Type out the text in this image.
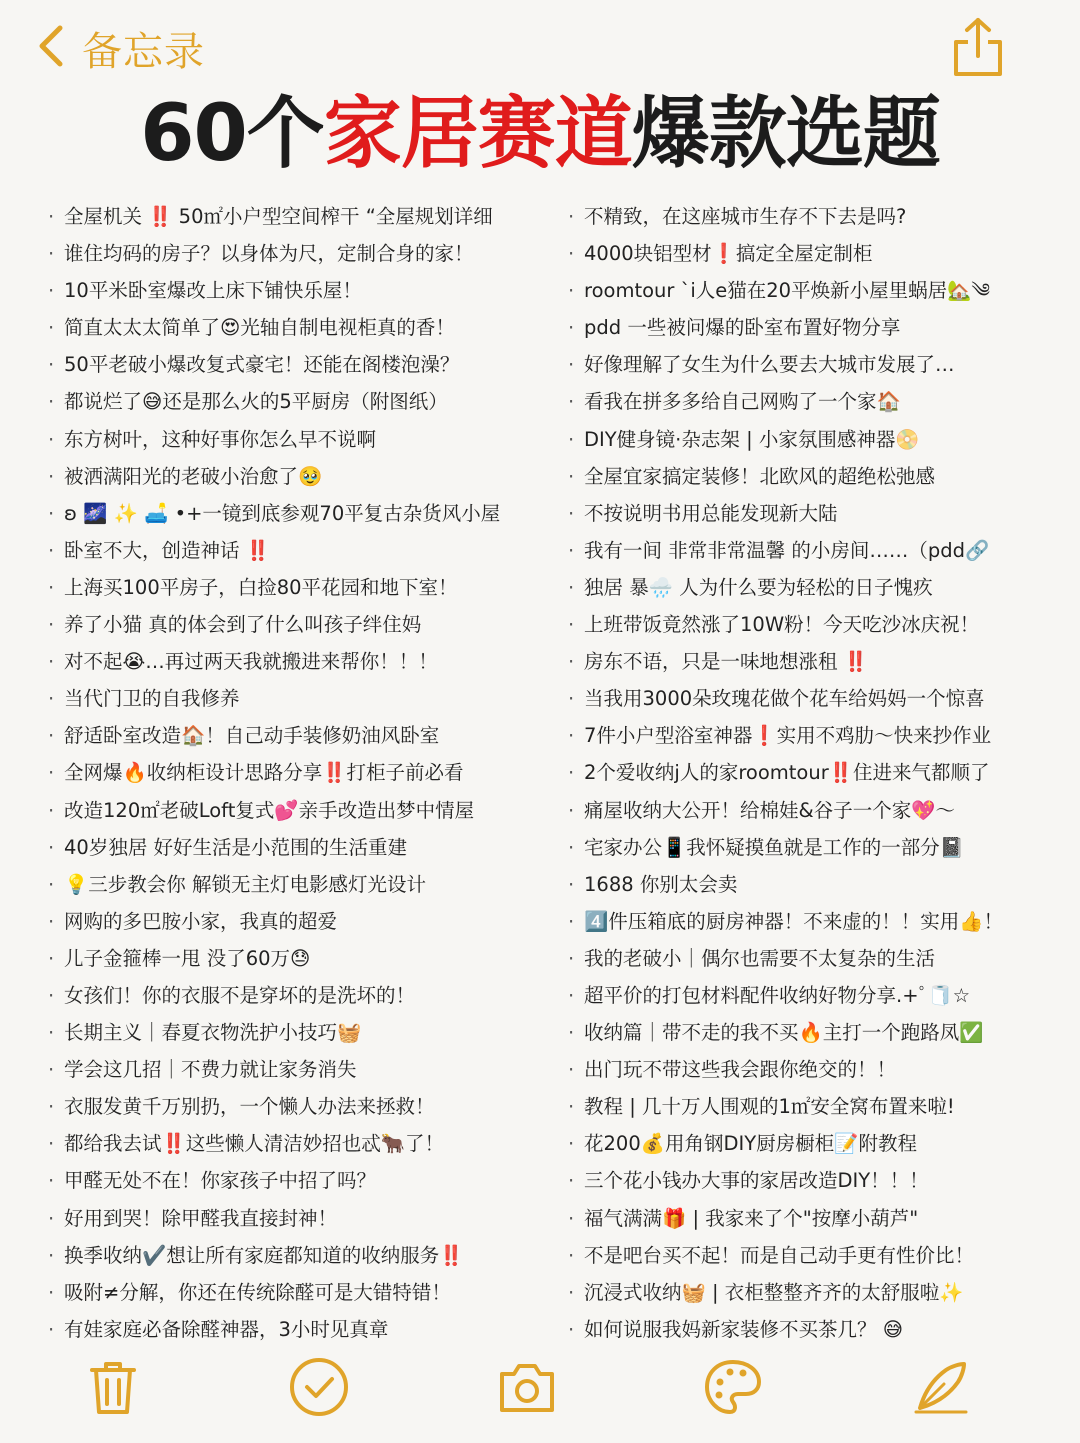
备忘录
60个家居赛道爆款选题
· 全屋机关 ‼️ 50㎡小户型空间榨干 “全屋规划详细
· 谁住均码的房子？以身体为尺，定制合身的家！
· 10平米卧室爆改上床下铺快乐屋！
· 简直太太太简单了😍光轴自制电视柜真的香！
· 50平老破小爆改复式豪宅！还能在阁楼泡澡？
· 都说烂了😅还是那么火的5平厨房（附图纸）
· 东方树叶，这种好事你怎么早不说啊
· 被洒满阳光的老破小治愈了🥹
· ʚ 🌌 ✨ 🛋️ •+一镜到底参观70平复古杂货风小屋
· 卧室不大，创造神话 ‼️
· 上海买100平房子，白捡80平花园和地下室！
· 养了小猫 真的体会到了什么叫孩子绊住妈
· 对不起😭…再过两天我就搬进来帮你！！！
· 当代门卫的自我修养
· 舒适卧室改造🏠！自己动手装修奶油风卧室
· 全网爆🔥收纳柜设计思路分享‼️打柜子前必看
· 改造120㎡老破Loft复式💕亲手改造出梦中情屋
· 40岁独居 好好生活是小范围的生活重建
· 💡三步教会你 解锁无主灯电影感灯光设计
· 网购的多巴胺小家，我真的超爱
· 儿子金箍棒一甩 没了60万😓
· 女孩们！你的衣服不是穿坏的是洗坏的！
· 长期主义｜春夏衣物洗护小技巧🧺
· 学会这几招｜不费力就让家务消失
· 衣服发黄千万别扔，一个懒人办法来拯救！
· 都给我去试‼️这些懒人清洁妙招也忒🐂了！
· 甲醛无处不在！你家孩子中招了吗？
· 好用到哭！除甲醛我直接封神！
· 换季收纳✔️想让所有家庭都知道的收纳服务‼️
· 吸附≠分解，你还在传统除醛可是大错特错！
· 有娃家庭必备除醛神器，3小时见真章
· 不精致，在这座城市生存不下去是吗?
· 4000块铝型材❗搞定全屋定制柜
· roomtour ˋi人e猫在20平焕新小屋里蜗居🏡༄
· pdd 一些被问爆的卧室布置好物分享
· 好像理解了女生为什么要去大城市发展了…
· 看我在拼多多给自己网购了一个家🏠
· DIY健身镜·杂志架 | 小家氛围感神器📀
· 全屋宜家搞定装修！北欧风的超绝松弛感
· 不按说明书用总能发现新大陆
· 我有一间 非常非常温馨 的小房间……（pdd🔗
· 独居 暴🌧️ 人为什么要为轻松的日子愧疚
· 上班带饭竟然涨了10W粉！今天吃沙冰庆祝！
· 房东不语，只是一味地想涨租 ‼️
· 当我用3000朵玫瑰花做个花车给妈妈一个惊喜
· 7件小户型浴室神器❗实用不鸡肋～快来抄作业
· 2个爱收纳j人的家roomtour‼️住进来气都顺了
· 痛屋收纳大公开！给棉娃&谷子一个家💖～
· 宅家办公📱我怀疑摸鱼就是工作的一部分📓
· 1688 你别太会卖
· 4️⃣件压箱底的厨房神器！不来虚的！！实用👍！
· 我的老破小｜偶尔也需要不太复杂的生活
· 超平价的打包材料配件收纳好物分享.+ﾟ🧻☆
· 收纳篇｜带不走的我不买🔥主打一个跑路凤✅
· 出门玩不带这些我会跟你绝交的！！
· 教程 | 几十万人围观的1㎡安全窝布置来啦!
· 花200💰用角钢DIY厨房橱柜📝附教程
· 三个花小钱办大事的家居改造DIY！！！
· 福气满满🎁 | 我家来了个"按摩小葫芦"
· 不是吧台买不起！而是自己动手更有性价比！
· 沉浸式收纳🧺 | 衣柜整整齐齐的太舒服啦✨
· 如何说服我妈新家装修不买茶几？ 😅
